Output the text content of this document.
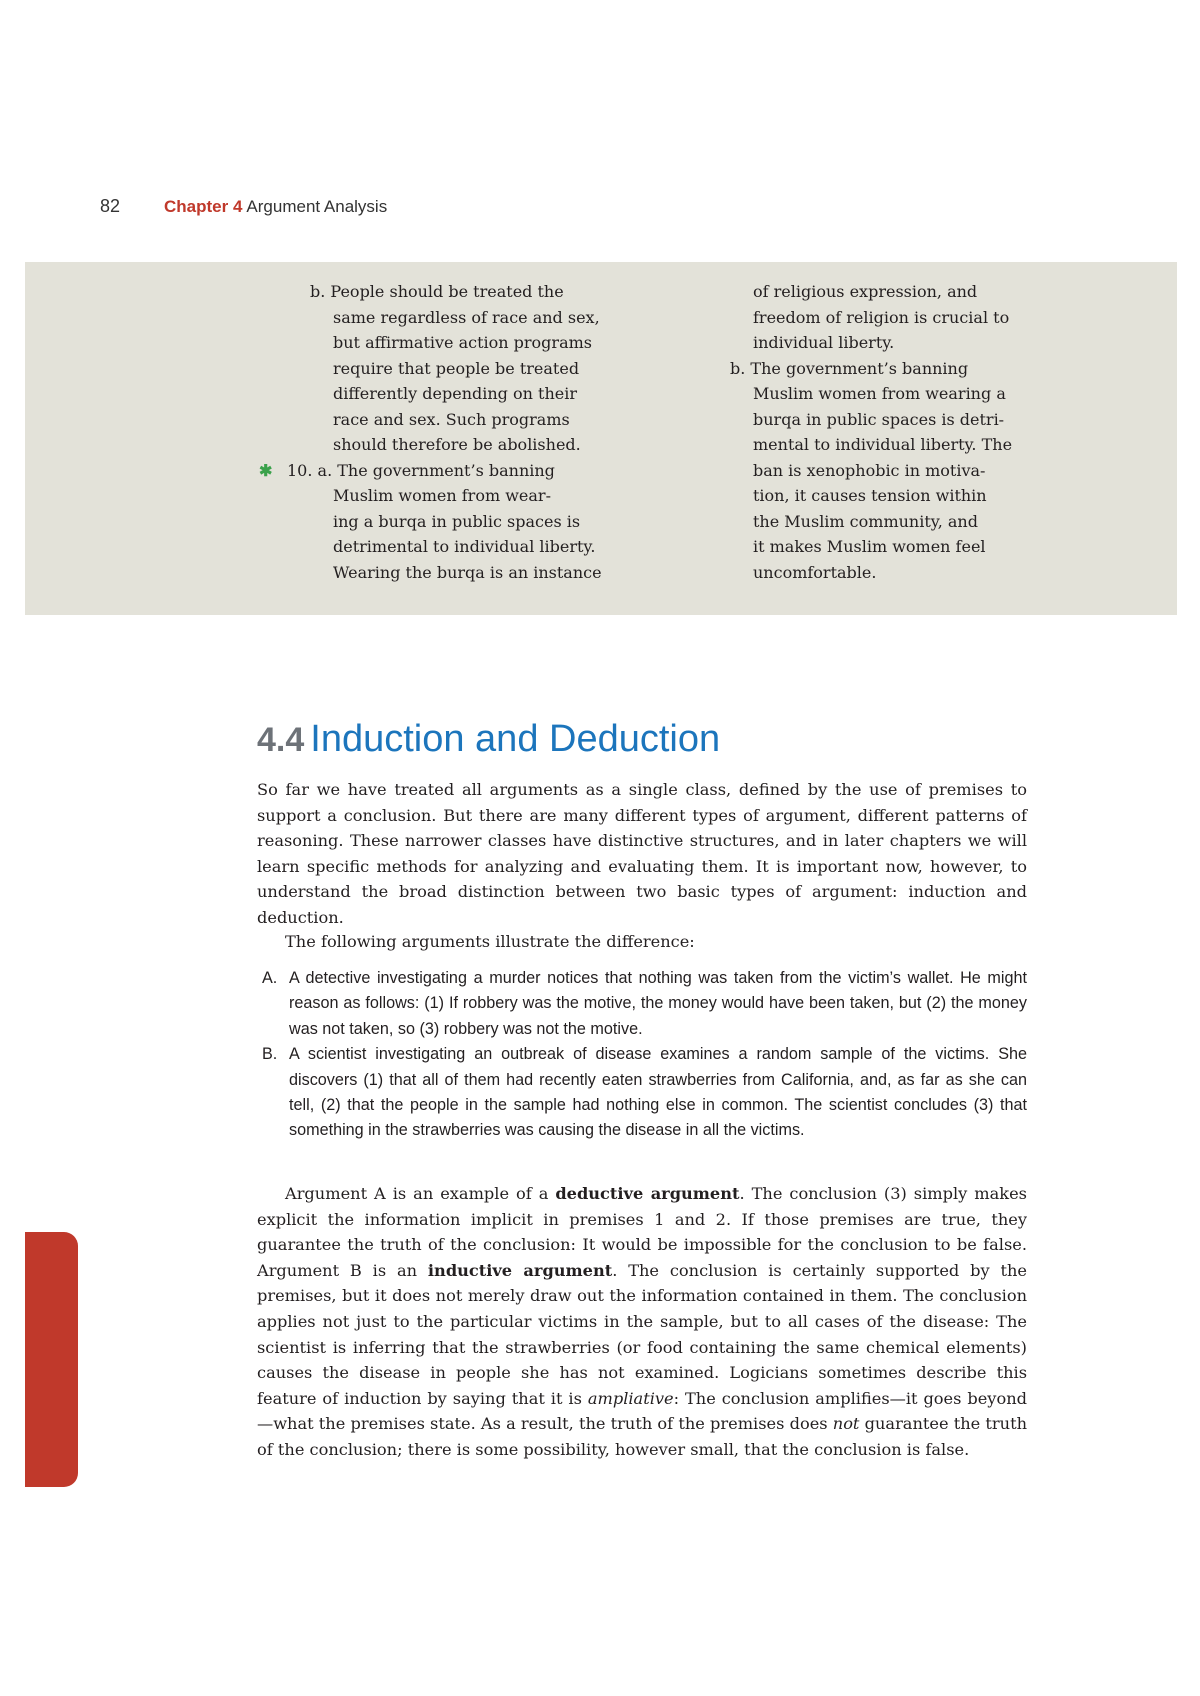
82	Chapter 4 Argument Analysis
b. People should be treated the
same regardless of race and sex,
but affirmative action programs
require that people be treated
differently depending on their
race and sex. Such programs
should therefore be abolished.
✱ 10. a. The government’s banning
Muslim women from wear-
ing a burqa in public spaces is
detrimental to individual liberty.
Wearing the burqa is an instance
of religious expression, and
freedom of religion is crucial to
individual liberty.
b. The government’s banning
Muslim women from wearing a
burqa in public spaces is detri-
mental to individual liberty. The
ban is xenophobic in motiva-
tion, it causes tension within
the Muslim community, and
it makes Muslim women feel
uncomfortable.
4.4 Induction and Deduction

So far we have treated all arguments as a single class, defined by the use of premises to support a conclusion. But there are many different types of argument, different patterns of reasoning. These narrower classes have distinctive structures, and in later chapters we will learn specific methods for analyzing and evaluating them. It is important now, however, to understand the broad distinction between two basic types of argument: induction and deduction.

The following arguments illustrate the difference:

A. A detective investigating a murder notices that nothing was taken from the victim’s wallet. He might reason as follows: (1) If robbery was the motive, the money would have been taken, but (2) the money was not taken, so (3) robbery was not the motive.
B. A scientist investigating an outbreak of disease examines a random sample of the victims. She discovers (1) that all of them had recently eaten strawberries from California, and, as far as she can tell, (2) that the people in the sample had nothing else in common. The scientist concludes (3) that something in the strawberries was causing the disease in all the victims.

Argument A is an example of a deductive argument. The conclusion (3) simply makes explicit the information implicit in premises 1 and 2. If those premises are true, they guarantee the truth of the conclusion: It would be impossible for the conclusion to be false. Argument B is an inductive argument. The conclusion is certainly supported by the premises, but it does not merely draw out the information contained in them. The conclusion applies not just to the particular victims in the sample, but to all cases of the disease: The scientist is inferring that the strawberries (or food containing the same chemical elements) causes the disease in people she has not examined. Logicians sometimes describe this feature of induction by saying that it is ampliative: The conclusion amplifies—it goes beyond—what the premises state. As a result, the truth of the premises does not guarantee the truth of the conclusion; there is some possibility, however small, that the conclusion is false.
